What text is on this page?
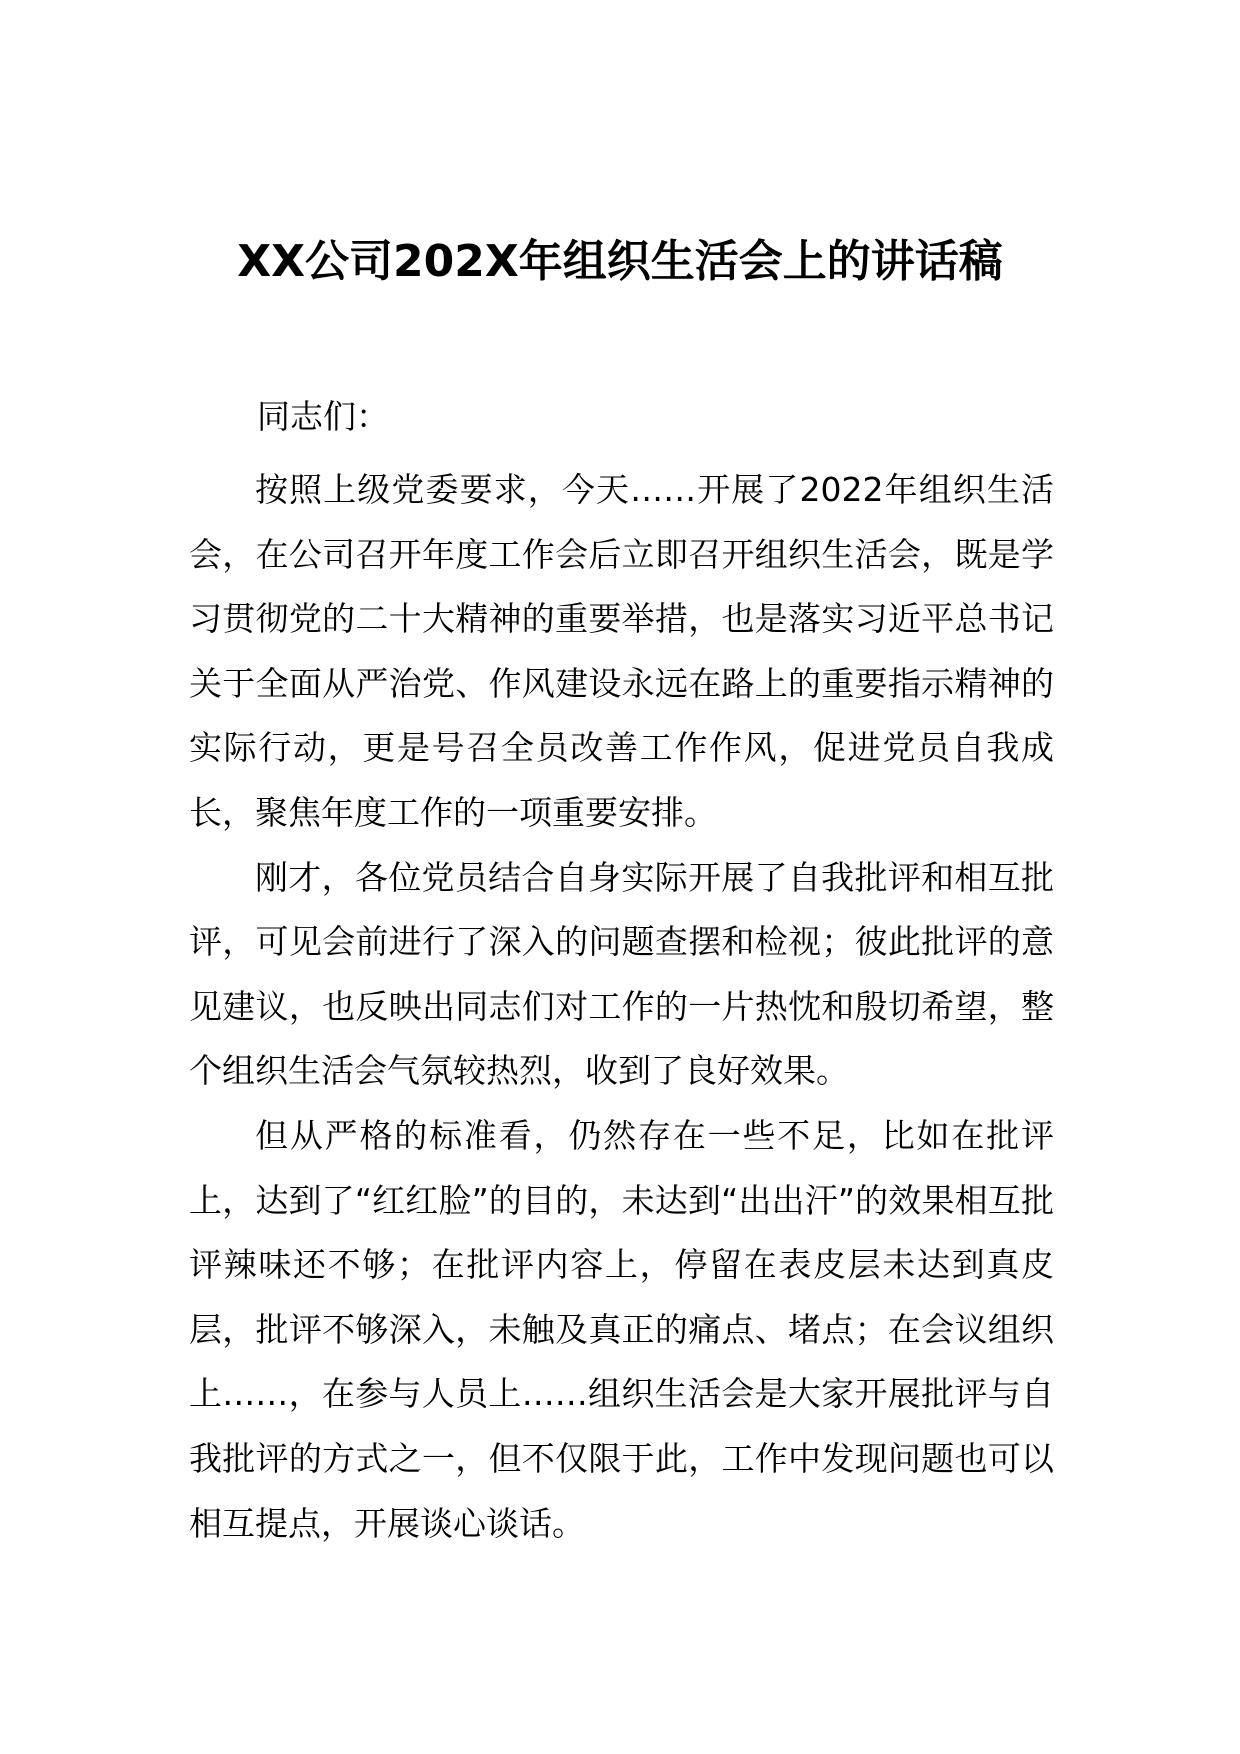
XX公司202X年组织生活会上的讲话稿
同志们：

按照上级党委要求，今天……开展了2022年组织生活会，在公司召开年度工作会后立即召开组织生活会，既是学习贯彻党的二十大精神的重要举措，也是落实习近平总书记关于全面从严治党、作风建设永远在路上的重要指示精神的实际行动，更是号召全员改善工作作风，促进党员自我成长，聚焦年度工作的一项重要安排。

刚才，各位党员结合自身实际开展了自我批评和相互批评，可见会前进行了深入的问题查摆和检视；彼此批评的意见建议，也反映出同志们对工作的一片热忱和殷切希望，整个组织生活会气氛较热烈，收到了良好效果。

但从严格的标准看，仍然存在一些不足，比如在批评上，达到了“红红脸”的目的，未达到“出出汗”的效果相互批评辣味还不够；在批评内容上，停留在表皮层未达到真皮层，批评不够深入，未触及真正的痛点、堵点；在会议组织上……，在参与人员上……组织生活会是大家开展批评与自我批评的方式之一，但不仅限于此，工作中发现问题也可以相互提点，开展谈心谈话。
